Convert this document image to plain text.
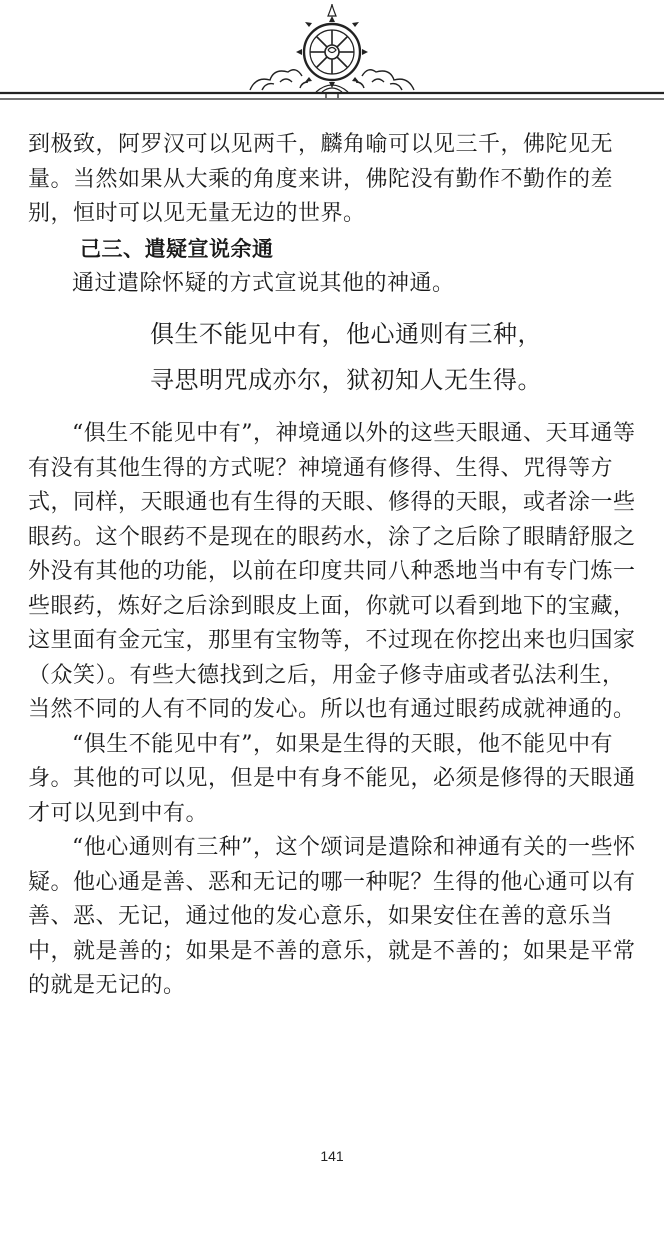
到极致，阿罗汉可以见两千，麟角喻可以见三千，佛陀见无量。当然如果从大乘的角度来讲，佛陀没有勤作不勤作的差别，恒时可以见无量无边的世界。

己三、遣疑宣说余通

通过遣除怀疑的方式宣说其他的神通。

俱生不能见中有，他心通则有三种，
寻思明咒成亦尔，狱初知人无生得。

“俱生不能见中有”，神境通以外的这些天眼通、天耳通等有没有其他生得的方式呢？神境通有修得、生得、咒得等方式，同样，天眼通也有生得的天眼、修得的天眼，或者涂一些眼药。这个眼药不是现在的眼药水，涂了之后除了眼睛舒服之外没有其他的功能，以前在印度共同八种悉地当中有专门炼一些眼药，炼好之后涂到眼皮上面，你就可以看到地下的宝藏，这里面有金元宝，那里有宝物等，不过现在你挖出来也归国家（众笑）。有些大德找到之后，用金子修寺庙或者弘法利生，当然不同的人有不同的发心。所以也有通过眼药成就神通的。

“俱生不能见中有”，如果是生得的天眼，他不能见中有身。其他的可以见，但是中有身不能见，必须是修得的天眼通才可以见到中有。

“他心通则有三种”，这个颂词是遣除和神通有关的一些怀疑。他心通是善、恶和无记的哪一种呢？生得的他心通可以有善、恶、无记，通过他的发心意乐，如果安住在善的意乐当中，就是善的；如果是不善的意乐，就是不善的；如果是平常的就是无记的。

141
